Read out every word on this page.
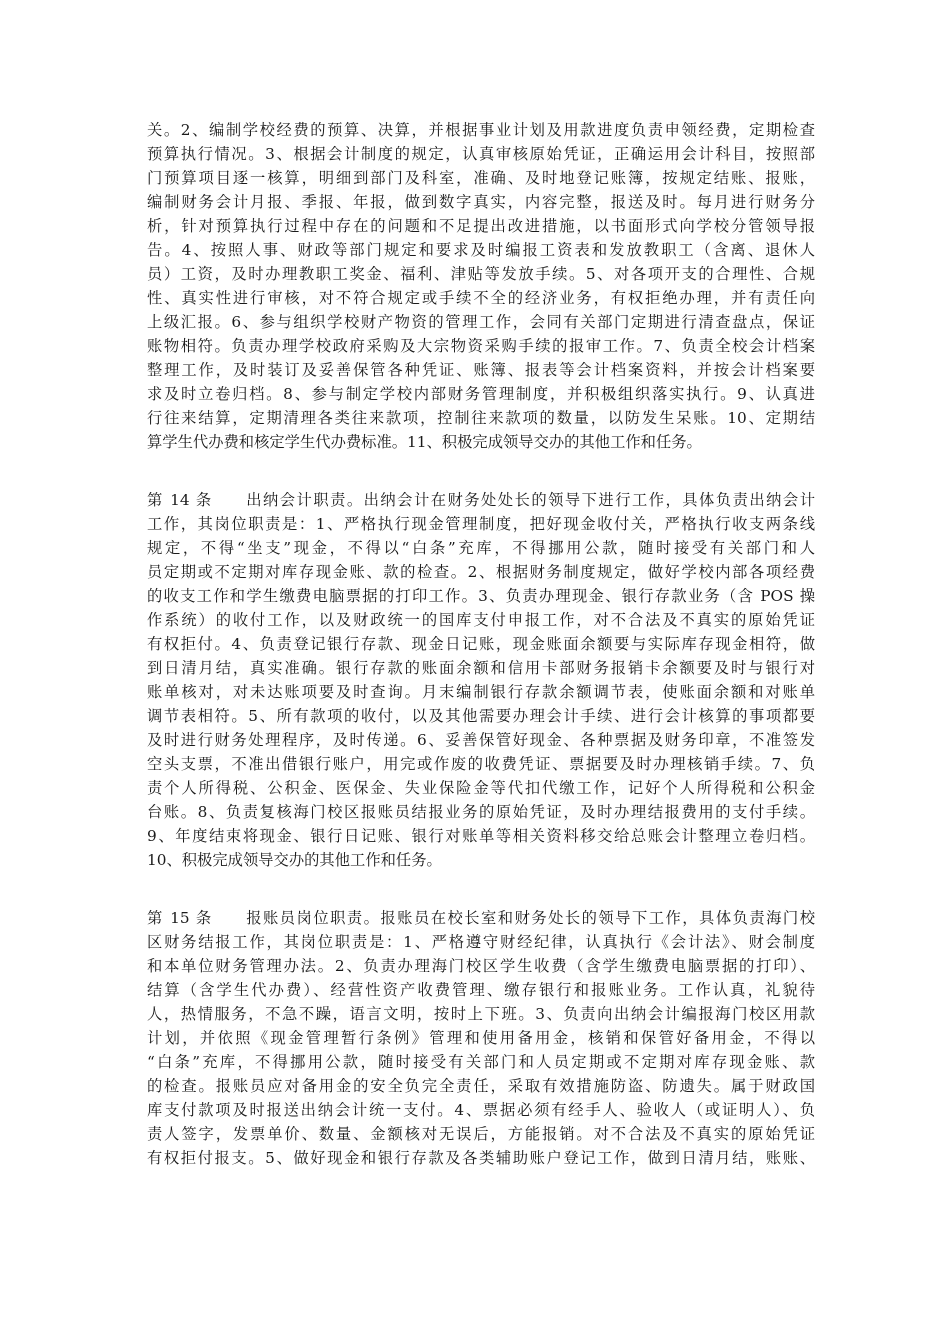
关。2、编制学校经费的预算、决算，并根据事业计划及用款进度负责申领经费，定期检查
预算执行情况。3、根据会计制度的规定，认真审核原始凭证，正确运用会计科目，按照部
门预算项目逐一核算，明细到部门及科室，准确、及时地登记账簿，按规定结账、报账，
编制财务会计月报、季报、年报，做到数字真实，内容完整，报送及时。每月进行财务分
析，针对预算执行过程中存在的问题和不足提出改进措施，以书面形式向学校分管领导报
告。4、按照人事、财政等部门规定和要求及时编报工资表和发放教职工（含离、退休人
员）工资，及时办理教职工奖金、福利、津贴等发放手续。5、对各项开支的合理性、合规
性、真实性进行审核，对不符合规定或手续不全的经济业务，有权拒绝办理，并有责任向
上级汇报。6、参与组织学校财产物资的管理工作，会同有关部门定期进行清查盘点，保证
账物相符。负责办理学校政府采购及大宗物资采购手续的报审工作。7、负责全校会计档案
整理工作，及时装订及妥善保管各种凭证、账簿、报表等会计档案资料，并按会计档案要
求及时立卷归档。8、参与制定学校内部财务管理制度，并积极组织落实执行。9、认真进
行往来结算，定期清理各类往来款项，控制往来款项的数量，以防发生呆账。10、定期结
算学生代办费和核定学生代办费标准。11、积极完成领导交办的其他工作和任务。
第 14 条　　出纳会计职责。出纳会计在财务处处长的领导下进行工作，具体负责出纳会计
工作，其岗位职责是：1、严格执行现金管理制度，把好现金收付关，严格执行收支两条线
规定，不得“坐支”现金，不得以“白条”充库，不得挪用公款，随时接受有关部门和人
员定期或不定期对库存现金账、款的检查。2、根据财务制度规定，做好学校内部各项经费
的收支工作和学生缴费电脑票据的打印工作。3、负责办理现金、银行存款业务（含 POS 操
作系统）的收付工作，以及财政统一的国库支付申报工作，对不合法及不真实的原始凭证
有权拒付。4、负责登记银行存款、现金日记账，现金账面余额要与实际库存现金相符，做
到日清月结，真实准确。银行存款的账面余额和信用卡部财务报销卡余额要及时与银行对
账单核对，对未达账项要及时查询。月末编制银行存款余额调节表，使账面余额和对账单
调节表相符。5、所有款项的收付，以及其他需要办理会计手续、进行会计核算的事项都要
及时进行财务处理程序，及时传递。6、妥善保管好现金、各种票据及财务印章，不准签发
空头支票，不准出借银行账户，用完或作废的收费凭证、票据要及时办理核销手续。7、负
责个人所得税、公积金、医保金、失业保险金等代扣代缴工作，记好个人所得税和公积金
台账。8、负责复核海门校区报账员结报业务的原始凭证，及时办理结报费用的支付手续。
9、年度结束将现金、银行日记账、银行对账单等相关资料移交给总账会计整理立卷归档。
10、积极完成领导交办的其他工作和任务。
第 15 条　　报账员岗位职责。报账员在校长室和财务处长的领导下工作，具体负责海门校
区财务结报工作，其岗位职责是：1、严格遵守财经纪律，认真执行《会计法》、财会制度
和本单位财务管理办法。2、负责办理海门校区学生收费（含学生缴费电脑票据的打印）、
结算（含学生代办费）、经营性资产收费管理、缴存银行和报账业务。工作认真，礼貌待
人，热情服务，不急不躁，语言文明，按时上下班。3、负责向出纳会计编报海门校区用款
计划，并依照《现金管理暂行条例》管理和使用备用金，核销和保管好备用金，不得以
“白条”充库，不得挪用公款，随时接受有关部门和人员定期或不定期对库存现金账、款
的检查。报账员应对备用金的安全负完全责任，采取有效措施防盗、防遗失。属于财政国
库支付款项及时报送出纳会计统一支付。4、票据必须有经手人、验收人（或证明人）、负
责人签字，发票单价、数量、金额核对无误后，方能报销。对不合法及不真实的原始凭证
有权拒付报支。5、做好现金和银行存款及各类辅助账户登记工作，做到日清月结，账账、
